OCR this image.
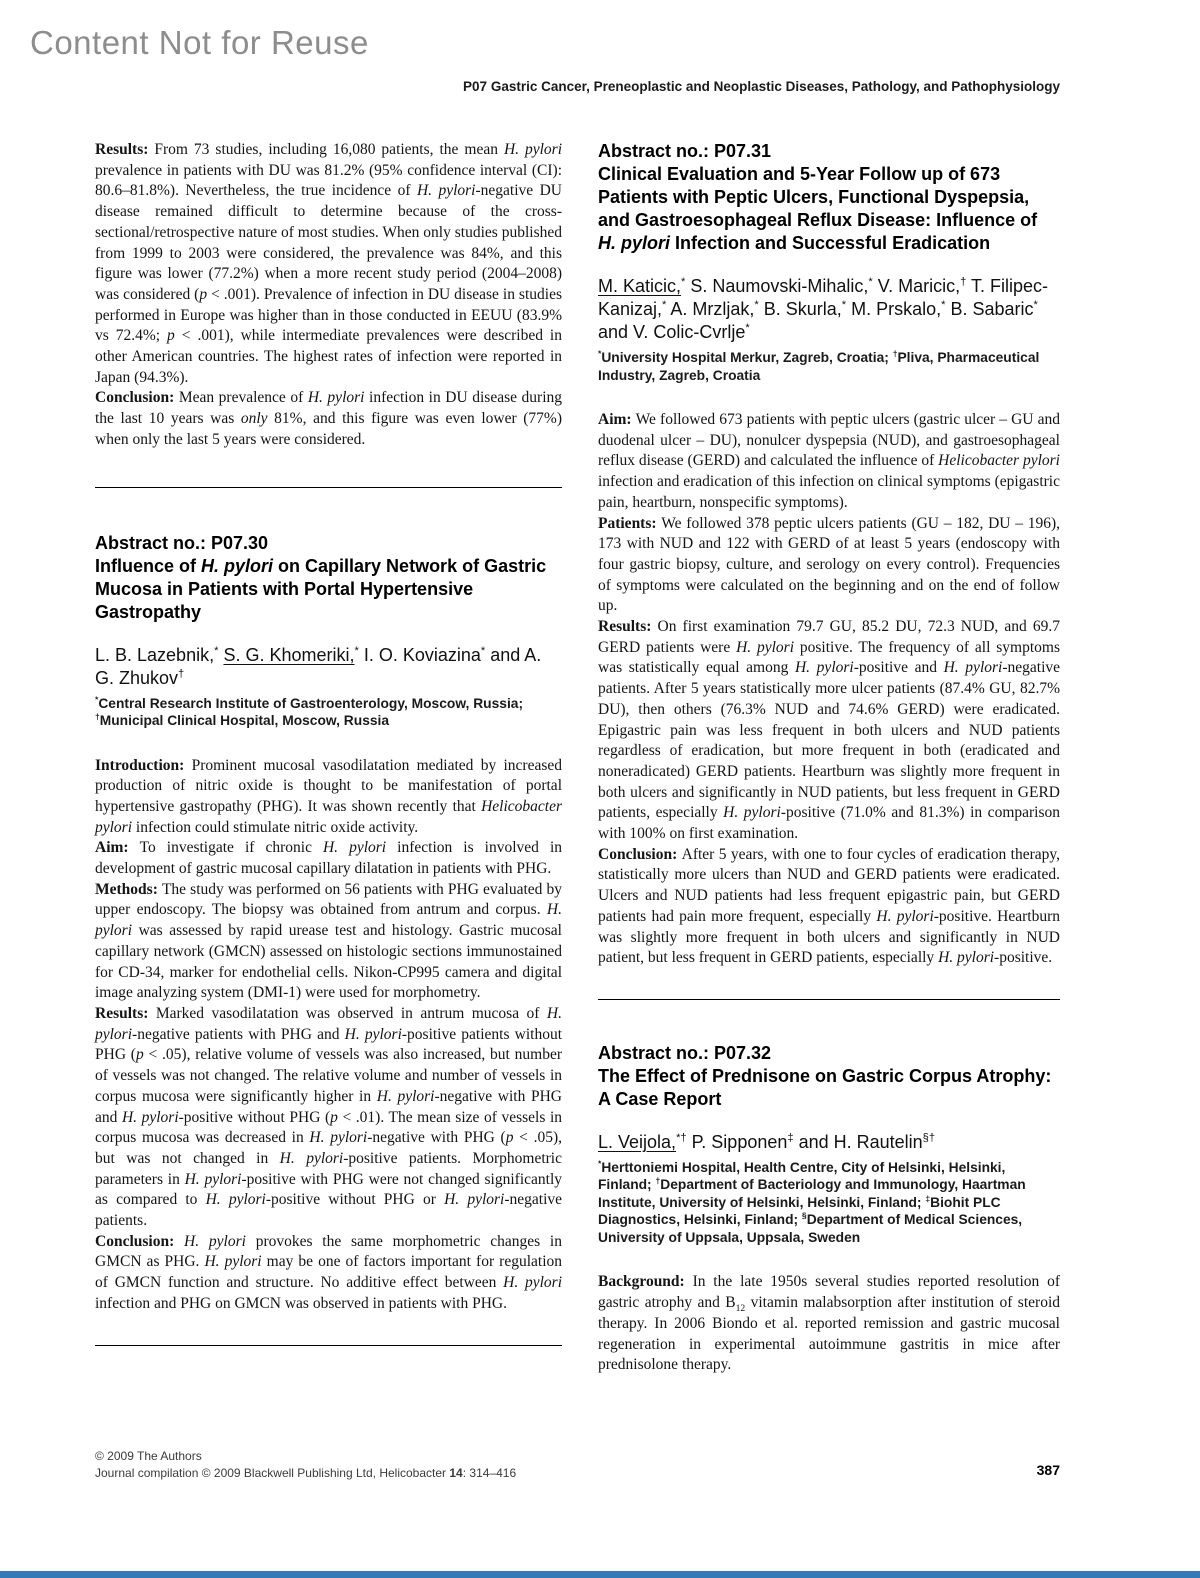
Content Not for Reuse
P07 Gastric Cancer, Preneoplastic and Neoplastic Diseases, Pathology, and Pathophysiology

Results: From 73 studies, including 16,080 patients, the mean H. pylori prevalence in patients with DU was 81.2% (95% confidence interval (CI): 80.6–81.8%). Nevertheless, the true incidence of H. pylori-negative DU disease remained difficult to determine because of the cross-sectional/retrospective nature of most studies. When only studies published from 1999 to 2003 were considered, the prevalence was 84%, and this figure was lower (77.2%) when a more recent study period (2004–2008) was considered (p < .001). Prevalence of infection in DU disease in studies performed in Europe was higher than in those conducted in EEUU (83.9% vs 72.4%; p < .001), while intermediate prevalences were described in other American countries. The highest rates of infection were reported in Japan (94.3%).

Conclusion: Mean prevalence of H. pylori infection in DU disease during the last 10 years was only 81%, and this figure was even lower (77%) when only the last 5 years were considered.

Abstract no.: P07.30
Influence of H. pylori on Capillary Network of Gastric Mucosa in Patients with Portal Hypertensive Gastropathy

L. B. Lazebnik,* S. G. Khomeriki,* I. O. Koviazina* and A. G. Zhukov†

*Central Research Institute of Gastroenterology, Moscow, Russia; †Municipal Clinical Hospital, Moscow, Russia

Introduction: Prominent mucosal vasodilatation mediated by increased production of nitric oxide is thought to be manifestation of portal hypertensive gastropathy (PHG). It was shown recently that Helicobacter pylori infection could stimulate nitric oxide activity.

Aim: To investigate if chronic H. pylori infection is involved in development of gastric mucosal capillary dilatation in patients with PHG.

Methods: The study was performed on 56 patients with PHG evaluated by upper endoscopy. The biopsy was obtained from antrum and corpus. H. pylori was assessed by rapid urease test and histology. Gastric mucosal capillary network (GMCN) assessed on histologic sections immunostained for CD-34, marker for endothelial cells. Nikon-CP995 camera and digital image analyzing system (DMI-1) were used for morphometry.

Results: Marked vasodilatation was observed in antrum mucosa of H. pylori-negative patients with PHG and H. pylori-positive patients without PHG (p < .05), relative volume of vessels was also increased, but number of vessels was not changed. The relative volume and number of vessels in corpus mucosa were significantly higher in H. pylori-negative with PHG and H. pylori-positive without PHG (p < .01). The mean size of vessels in corpus mucosa was decreased in H. pylori-negative with PHG (p < .05), but was not changed in H. pylori-positive patients. Morphometric parameters in H. pylori-positive with PHG were not changed significantly as compared to H. pylori-positive without PHG or H. pylori-negative patients.

Conclusion: H. pylori provokes the same morphometric changes in GMCN as PHG. H. pylori may be one of factors important for regulation of GMCN function and structure. No additive effect between H. pylori infection and PHG on GMCN was observed in patients with PHG.

Abstract no.: P07.31
Clinical Evaluation and 5-Year Follow up of 673 Patients with Peptic Ulcers, Functional Dyspepsia, and Gastroesophageal Reflux Disease: Influence of H. pylori Infection and Successful Eradication

M. Katicic,* S. Naumovski-Mihalic,* V. Maricic,† T. Filipec-Kanizaj,* A. Mrzljak,* B. Skurla,* M. Prskalo,* B. Sabaric* and V. Colic-Cvrlje*

*University Hospital Merkur, Zagreb, Croatia; †Pliva, Pharmaceutical Industry, Zagreb, Croatia

Aim: We followed 673 patients with peptic ulcers (gastric ulcer – GU and duodenal ulcer – DU), nonulcer dyspepsia (NUD), and gastroesophageal reflux disease (GERD) and calculated the influence of Helicobacter pylori infection and eradication of this infection on clinical symptoms (epigastric pain, heartburn, nonspecific symptoms).

Patients: We followed 378 peptic ulcers patients (GU – 182, DU – 196), 173 with NUD and 122 with GERD of at least 5 years (endoscopy with four gastric biopsy, culture, and serology on every control). Frequencies of symptoms were calculated on the beginning and on the end of follow up.

Results: On first examination 79.7 GU, 85.2 DU, 72.3 NUD, and 69.7 GERD patients were H. pylori positive. The frequency of all symptoms was statistically equal among H. pylori-positive and H. pylori-negative patients. After 5 years statistically more ulcer patients (87.4% GU, 82.7% DU), then others (76.3% NUD and 74.6% GERD) were eradicated. Epigastric pain was less frequent in both ulcers and NUD patients regardless of eradication, but more frequent in both (eradicated and noneradicated) GERD patients. Heartburn was slightly more frequent in both ulcers and significantly in NUD patients, but less frequent in GERD patients, especially H. pylori-positive (71.0% and 81.3%) in comparison with 100% on first examination.

Conclusion: After 5 years, with one to four cycles of eradication therapy, statistically more ulcers than NUD and GERD patients were eradicated. Ulcers and NUD patients had less frequent epigastric pain, but GERD patients had pain more frequent, especially H. pylori-positive. Heartburn was slightly more frequent in both ulcers and significantly in NUD patient, but less frequent in GERD patients, especially H. pylori-positive.

Abstract no.: P07.32
The Effect of Prednisone on Gastric Corpus Atrophy: A Case Report

L. Veijola,*† P. Sipponen‡ and H. Rautelin§†

*Herttoniemi Hospital, Health Centre, City of Helsinki, Helsinki, Finland; †Department of Bacteriology and Immunology, Haartman Institute, University of Helsinki, Helsinki, Finland; ‡Biohit PLC Diagnostics, Helsinki, Finland; §Department of Medical Sciences, University of Uppsala, Uppsala, Sweden

Background: In the late 1950s several studies reported resolution of gastric atrophy and $B_{12}$ vitamin malabsorption after institution of steroid therapy. In 2006 Biondo et al. reported remission and gastric mucosal regeneration in experimental autoimmune gastritis in mice after prednisolone therapy.

© 2009 The Authors
Journal compilation © 2009 Blackwell Publishing Ltd, Helicobacter 14: 314–416	387
